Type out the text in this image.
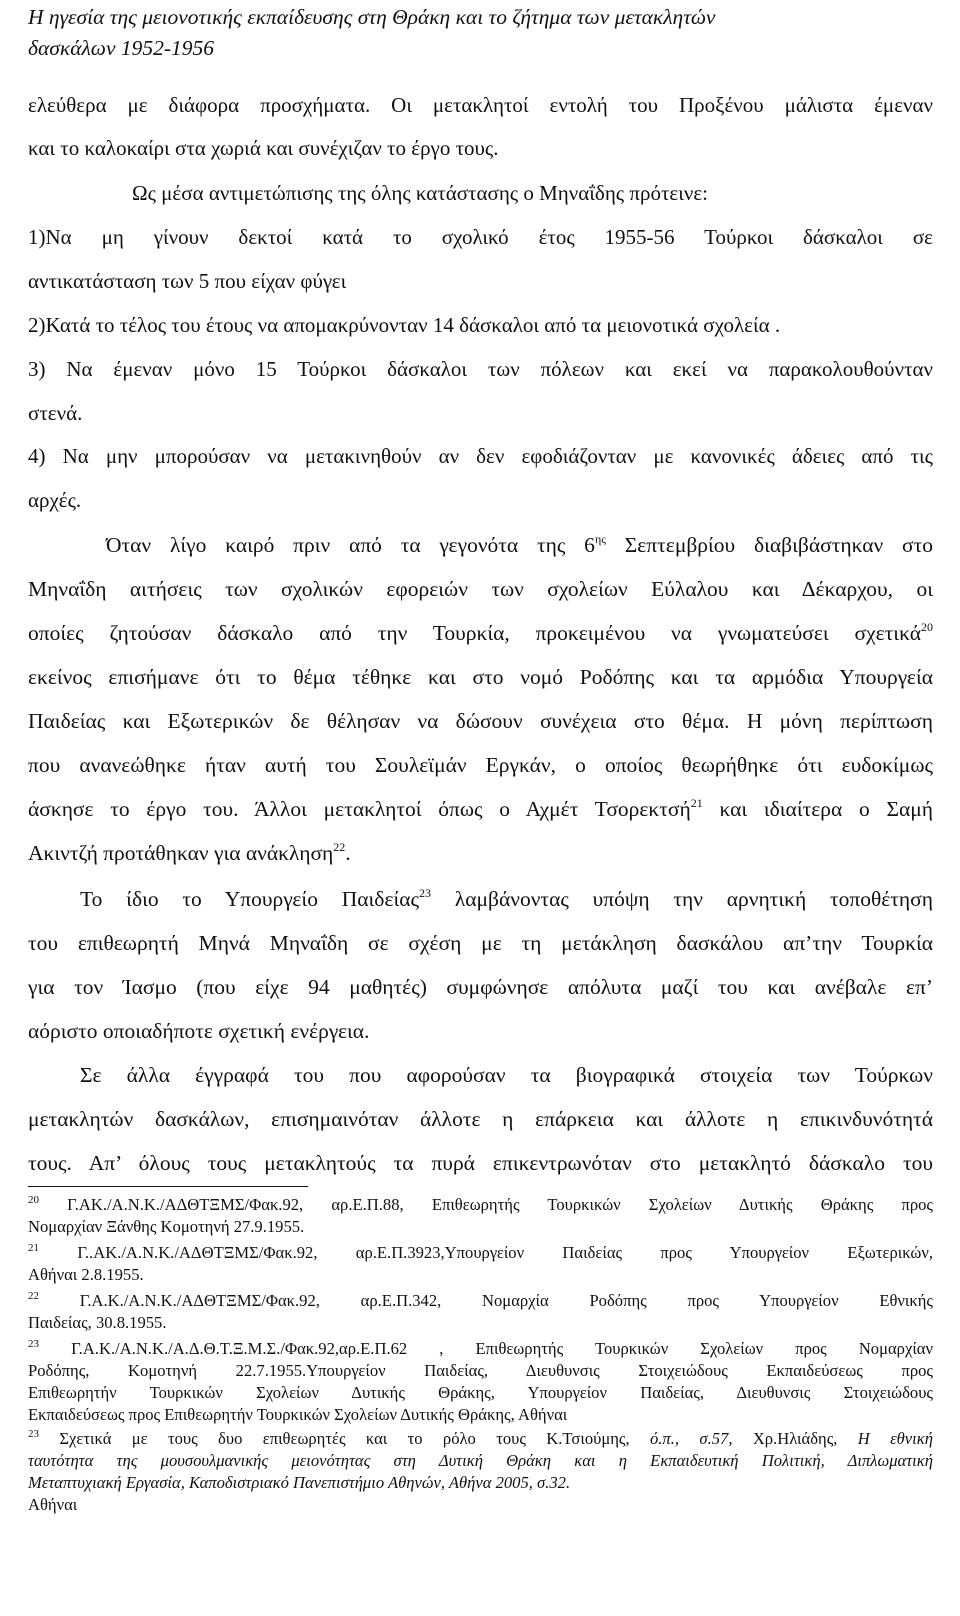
Η ηγεσία της μειονοτικής εκπαίδευσης στη Θράκη και το ζήτημα των μετακλητών
δασκάλων 1952-1956

ελεύθερα με διάφορα προσχήματα. Οι μετακλητοί εντολή του Προξένου μάλιστα έμεναν

και το καλοκαίρι στα χωριά και συνέχιζαν το έργο τους.

Ως μέσα αντιμετώπισης της όλης κατάστασης ο Μηναΐδης πρότεινε:

1)Να μη γίνουν δεκτοί κατά το σχολικό έτος 1955-56 Τούρκοι δάσκαλοι σε

αντικατάσταση των 5 που είχαν φύγει

2)Κατά το τέλος του έτους να απομακρύνονταν 14 δάσκαλοι από τα μειονοτικά σχολεία .

3) Να έμεναν μόνο 15 Τούρκοι δάσκαλοι των πόλεων και εκεί να παρακολουθούνταν

στενά.

4) Να μην μπορούσαν να μετακινηθούν αν δεν εφοδιάζονταν με κανονικές άδειες από τις

αρχές.

Όταν λίγο καιρό πριν από τα γεγονότα της $6^{\eta\varsigma}$ Σεπτεμβρίου διαβιβάστηκαν στο

Μηναΐδη αιτήσεις των σχολικών εφορειών των σχολείων Εύλαλου και Δέκαρχου, οι

οποίες ζητούσαν δάσκαλο από την Τουρκία, προκειμένου να γνωματεύσει σχετικά$^{20}$

εκείνος επισήμανε ότι το θέμα τέθηκε και στο νομό Ροδόπης και τα αρμόδια Υπουργεία

Παιδείας και Εξωτερικών δε θέλησαν να δώσουν συνέχεια στο θέμα. Η μόνη περίπτωση

που ανανεώθηκε ήταν αυτή του Σουλεϊμάν Εργκάν, ο οποίος θεωρήθηκε ότι ευδοκίμως

άσκησε το έργο του. Άλλοι μετακλητοί όπως ο Αχμέτ Τσορεκτσή$^{21}$ και ιδιαίτερα ο Σαμή

Ακιντζή προτάθηκαν για ανάκληση$^{22}$.

Το ίδιο το Υπουργείο Παιδείας$^{23}$ λαμβάνοντας υπόψη την αρνητική τοποθέτηση

του επιθεωρητή Μηνά Μηναΐδη σε σχέση με τη μετάκληση δασκάλου απ’την Τουρκία

για τον Ίασμο (που είχε 94 μαθητές) συμφώνησε απόλυτα μαζί του και ανέβαλε επ’

αόριστο οποιαδήποτε σχετική ενέργεια.

Σε άλλα έγγραφά του που αφορούσαν τα βιογραφικά στοιχεία των Τούρκων

μετακλητών δασκάλων, επισημαινόταν άλλοτε η επάρκεια και άλλοτε η επικινδυνότητά

τους. Απ’ όλους τους μετακλητούς τα πυρά επικεντρωνόταν στο μετακλητό δάσκαλο του

$^{20}$ Γ.ΑΚ./Α.Ν.Κ./ΑΔΘΤΞΜΣ/Φακ.92, αρ.Ε.Π.88, Επιθεωρητής Τουρκικών Σχολείων Δυτικής Θράκης προς

Νομαρχίαν Ξάνθης Κομοτηνή 27.9.1955.

$^{21}$ Γ..ΑΚ./Α.Ν.Κ./ΑΔΘΤΞΜΣ/Φακ.92, αρ.Ε.Π.3923,Υπουργείον Παιδείας προς Υπουργείον Εξωτερικών,

Αθήναι 2.8.1955.

$^{22}$ Γ.Α.Κ./Α.Ν.Κ./ΑΔΘΤΞΜΣ/Φακ.92, αρ.Ε.Π.342, Νομαρχία Ροδόπης προς Υπουργείον Εθνικής

Παιδείας, 30.8.1955.

$^{23}$ Γ.Α.Κ./Α.Ν.Κ./Α.Δ.Θ.Τ.Ξ.Μ.Σ./Φακ.92,αρ.Ε.Π.62 , Επιθεωρητής Τουρκικών Σχολείων προς Νομαρχίαν

Ροδόπης, Κομοτηνή 22.7.1955.Υπουργείον Παιδείας, Διευθυνσις Στοιχειώδους Εκπαιδεύσεως προς

Επιθεωρητήν Τουρκικών Σχολείων Δυτικής Θράκης, Υπουργείον Παιδείας, Διευθυνσις Στοιχειώδους

Εκπαιδεύσεως προς Επιθεωρητήν Τουρκικών Σχολείων Δυτικής Θράκης, Αθήναι

$^{23}$ Σχετικά με τους δυο επιθεωρητές και το ρόλο τους Κ.Τσιούμης, ό.π., σ.57, Χρ.Ηλιάδης, Η εθνική

ταυτότητα της μουσουλμανικής μειονότητας στη Δυτική Θράκη και η Εκπαιδευτική Πολιτική, Διπλωματική

Μεταπτυχιακή Εργασία, Καποδιστριακό Πανεπιστήμιο Αθηνών, Αθήνα 2005, σ.32.

Αθήναι
